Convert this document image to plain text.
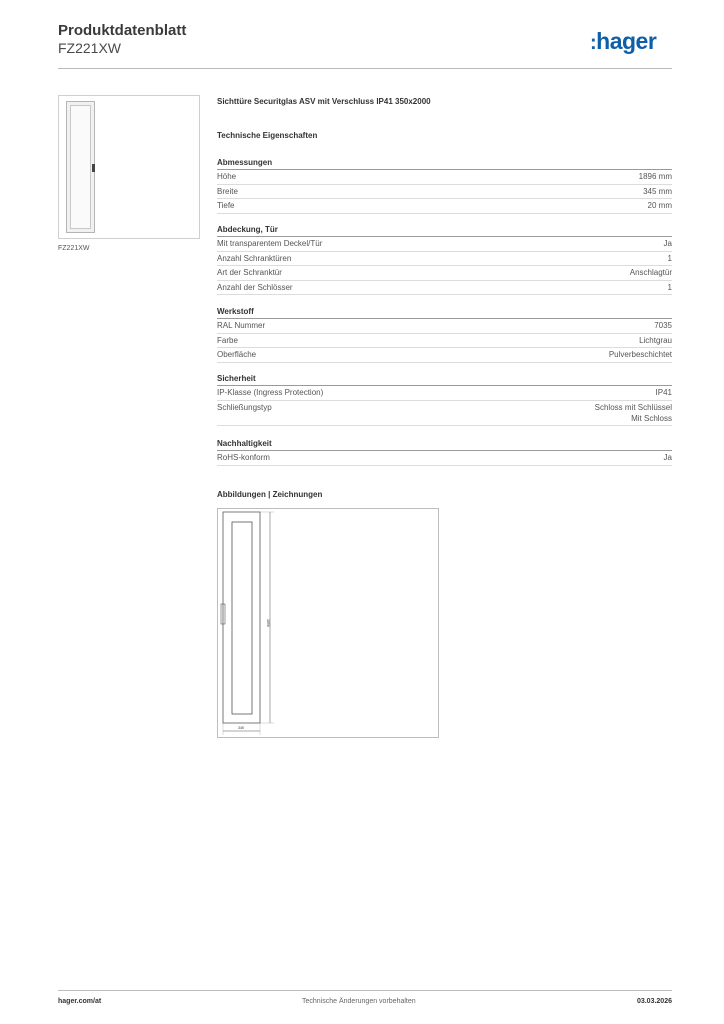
Produktdatenblatt
FZ221XW	:hager
FZ221XW
Sichttüre Securitglas ASV mit Verschluss IP41 350x2000
Technische Eigenschaften
Abmessungen
Höhe	1896 mm
Breite	345 mm
Tiefe	20 mm
Abdeckung, Tür
Mit transparentem Deckel/Tür	Ja
Anzahl Schranktüren	1
Art der Schranktür	Anschlagtür
Anzahl der Schlösser	1
Werkstoff
RAL Nummer	7035
Farbe	Lichtgrau
Oberfläche	Pulverbeschichtet
Sicherheit
IP-Klasse (Ingress Protection)	IP41
Schließungstyp	Schloss mit Schlüssel
Mit Schloss
Nachhaltigkeit
RoHS-konform	Ja
Abbildungen | Zeichnungen
1896
345
hager.com/at	Technische Änderungen vorbehalten	03.03.2026
